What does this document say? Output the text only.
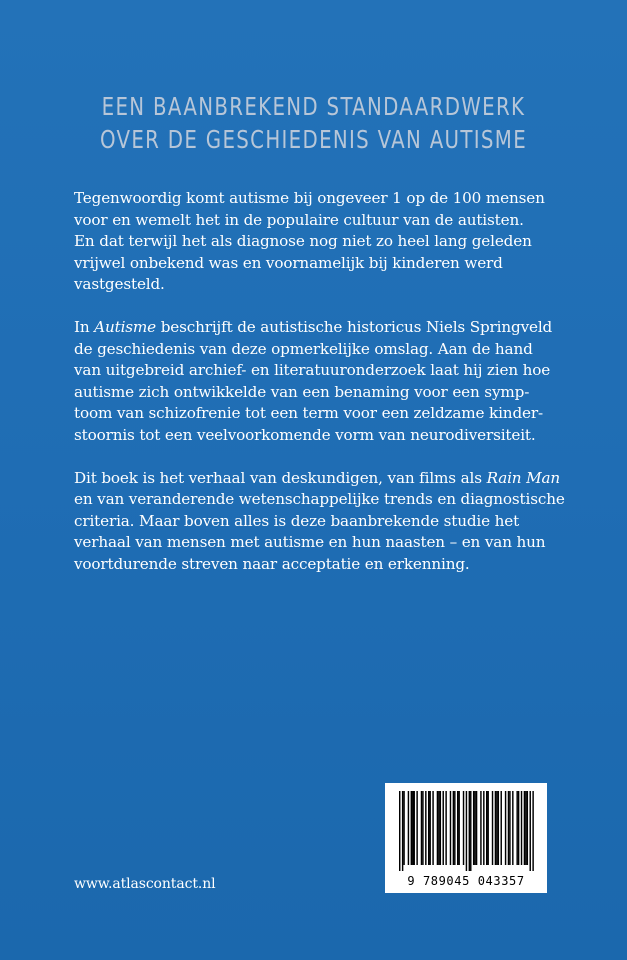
EEN BAANBREKEND STANDAARDWERK
OVER DE GESCHIEDENIS VAN AUTISME

Tegenwoordig komt autisme bij ongeveer 1 op de 100 mensen
voor en wemelt het in de populaire cultuur van de autisten.
En dat terwijl het als diagnose nog niet zo heel lang geleden
vrijwel onbekend was en voornamelijk bij kinderen werd
vastgesteld.

In Autisme beschrijft de autistische historicus Niels Springveld
de geschiedenis van deze opmerkelijke omslag. Aan de hand
van uitgebreid archief- en literatuuronderzoek laat hij zien hoe
autisme zich ontwikkelde van een benaming voor een symp-
toom van schizofrenie tot een term voor een zeldzame kinder-
stoornis tot een veelvoorkomende vorm van neurodiversiteit.

Dit boek is het verhaal van deskundigen, van films als Rain Man
en van veranderende wetenschappelijke trends en diagnostische
criteria. Maar boven alles is deze baanbrekende studie het
verhaal van mensen met autisme en hun naasten – en van hun
voortdurende streven naar acceptatie en erkenning.

www.atlascontact.nl	9 789045 043357
